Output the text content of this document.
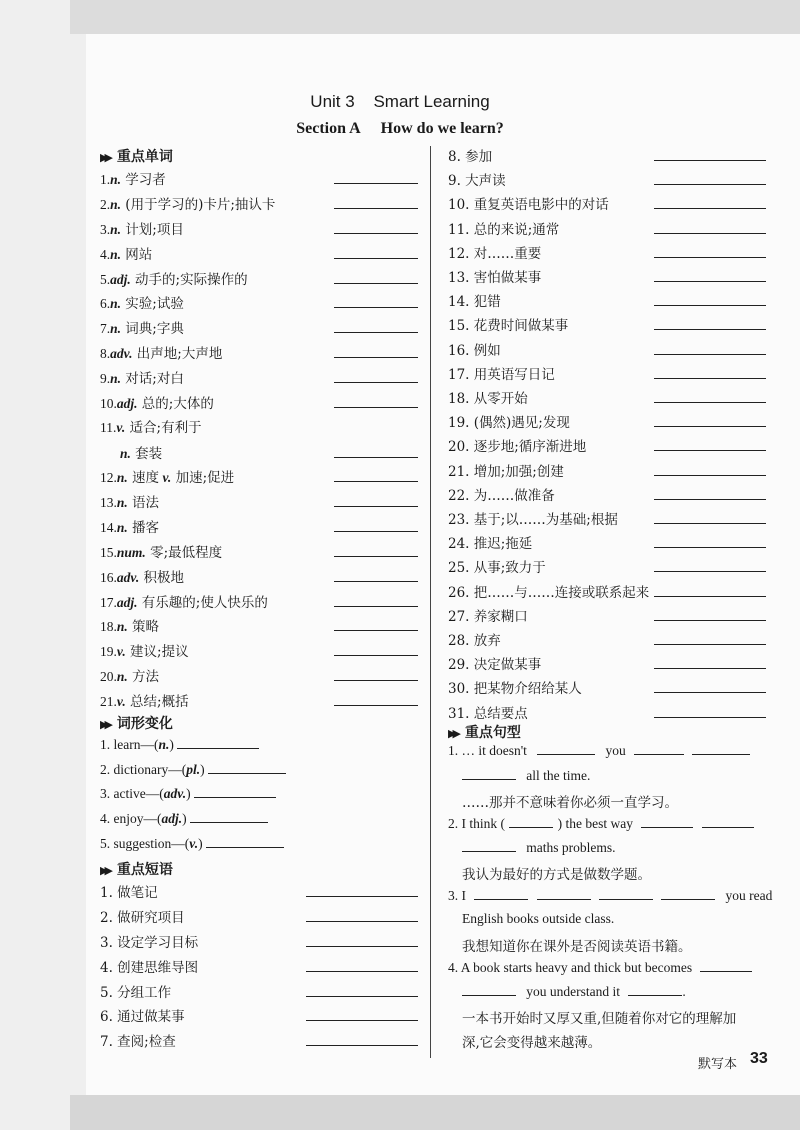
Unit 3 Smart Learning
Section A How do we learn?
▶▶ 重点单词
1.n. 学习者
2.n. (用于学习的)卡片;抽认卡
3.n. 计划;项目
4.n. 网站
5.adj. 动手的;实际操作的
6.n. 实验;试验
7.n. 词典;字典
8.adv. 出声地;大声地
9.n. 对话;对白
10.adj. 总的;大体的
11.v. 适合;有利于
n. 套装
12.n. 速度 v. 加速;促进
13.n. 语法
14.n. 播客
15.num. 零;最低程度
16.adv. 积极地
17.adj. 有乐趣的;使人快乐的
18.n. 策略
19.v. 建议;提议
20.n. 方法
21.v. 总结;概括
▶▶ 词形变化
1. learn—(n.)
2. dictionary—(pl.)
3. active—(adv.)
4. enjoy—(adj.)
5. suggestion—(v.)
▶▶ 重点短语
1. 做笔记
2. 做研究项目
3. 设定学习目标
4. 创建思维导图
5. 分组工作
6. 通过做某事
7. 查阅;检查
8. 参加
9. 大声读
10. 重复英语电影中的对话
11. 总的来说;通常
12. 对……重要
13. 害怕做某事
14. 犯错
15. 花费时间做某事
16. 例如
17. 用英语写日记
18. 从零开始
19. (偶然)遇见;发现
20. 逐步地;循序渐进地
21. 增加;加强;创建
22. 为……做准备
23. 基于;以……为基础;根据
24. 推迟;拖延
25. 从事;致力于
26. 把……与……连接或联系起来
27. 养家糊口
28. 放弃
29. 决定做某事
30. 把某物介绍给某人
31. 总结要点
▶▶ 重点句型
1. … it doesn't	you
all the time.
……那并不意味着你必须一直学习。
2. I think (	) the best way
maths problems.
我认为最好的方式是做数学题。
3. I	you read
English books outside class.
我想知道你在课外是否阅读英语书籍。
4. A book starts heavy and thick but becomes
you understand it	.
一本书开始时又厚又重,但随着你对它的理解加
深,它会变得越来越薄。
默写本 33
